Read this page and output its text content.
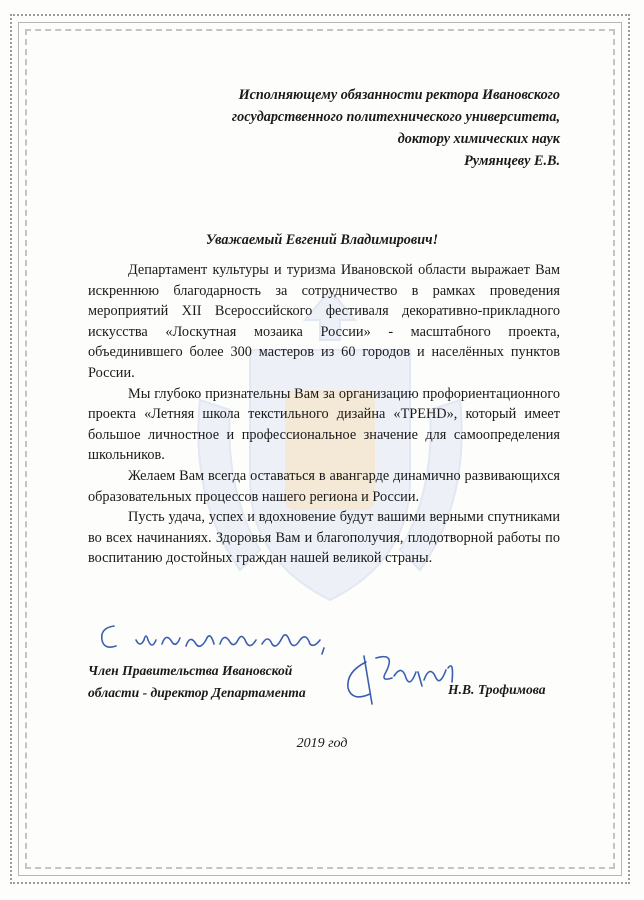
Исполняющему обязанности ректора Ивановского
государственного политехнического университета,
доктору химических наук
Румянцеву Е.В.
Уважаемый Евгений Владимирович!

Департамент культуры и туризма Ивановской области выражает Вам искреннюю благодарность за сотрудничество в рамках проведения мероприятий XII Всероссийского фестиваля декоративно-прикладного искусства «Лоскутная мозаика России» - масштабного проекта, объединившего более 300 мастеров из 60 городов и населённых пунктов России.

Мы глубоко признательны Вам за организацию профориентационного проекта «Летняя школа текстильного дизайна «ТРЕНD», который имеет большое личностное и профессиональное значение для самоопределения школьников.

Желаем Вам всегда оставаться в авангарде динамично развивающихся образовательных процессов нашего региона и России.

Пусть удача, успех и вдохновение будут вашими верными спутниками во всех начинаниях. Здоровья Вам и благополучия, плодотворной работы по воспитанию достойных граждан нашей великой страны.

Член Правительства Ивановской
области - директор Департамента	Н.В. Трофимова
2019 год
